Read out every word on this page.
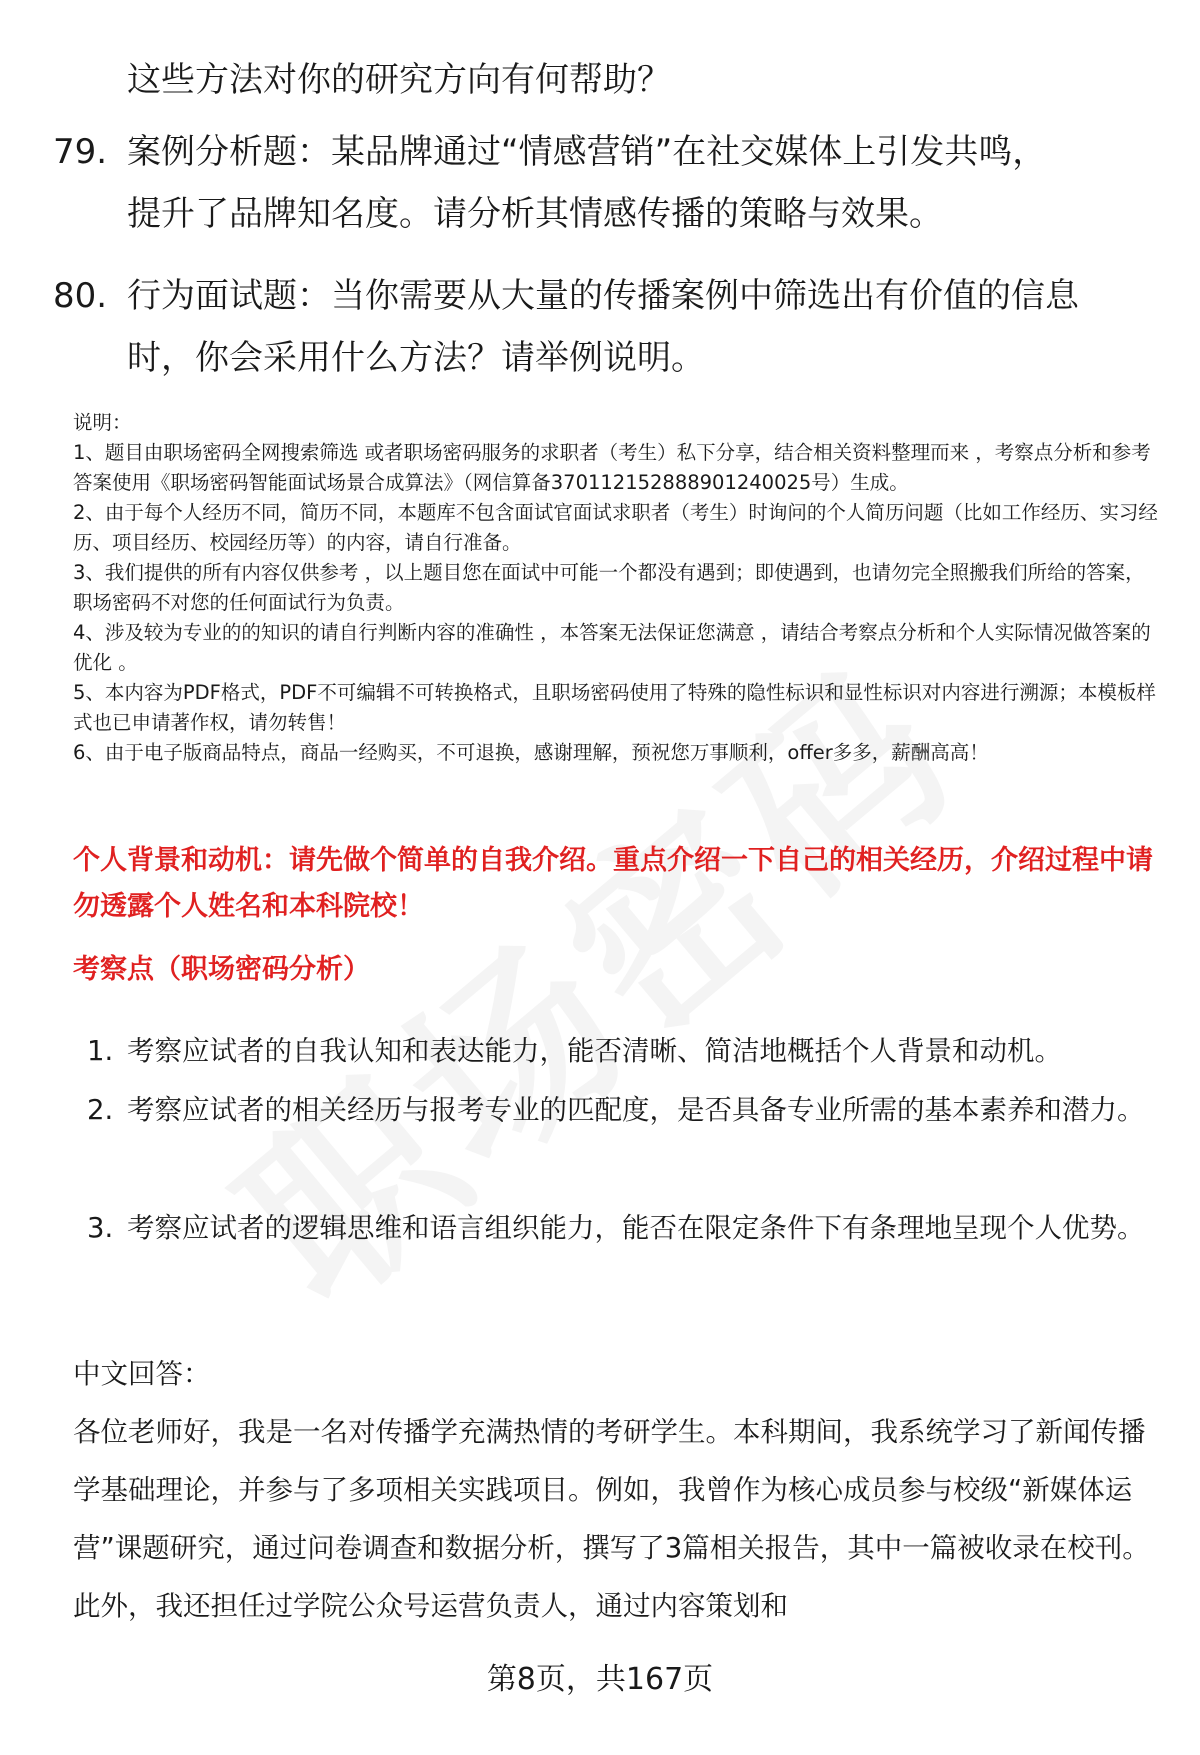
这些方法对你的研究方向有何帮助？
79. 案例分析题：某品牌通过“情感营销”在社交媒体上引发共鸣，
提升了品牌知名度。请分析其情感传播的策略与效果。
80. 行为面试题：当你需要从大量的传播案例中筛选出有价值的信息
时，你会采用什么方法？请举例说明。

说明：

1、题目由职场密码全网搜索筛选 或者职场密码服务的求职者（考生）私下分享，结合相关资料整理而来 ，考察点分析和参考答案使用《职场密码智能面试场景合成算法》（网信算备370112152888901240025号）生成。

2、由于每个人经历不同，简历不同，本题库不包含面试官面试求职者（考生）时询问的个人简历问题（比如工作经历、实习经历、项目经历、校园经历等）的内容，请自行准备。

3、我们提供的所有内容仅供参考 ，以上题目您在面试中可能一个都没有遇到；即使遇到，也请勿完全照搬我们所给的答案，职场密码不对您的任何面试行为负责。

4、涉及较为专业的的知识的请自行判断内容的准确性 ，本答案无法保证您满意 ，请结合考察点分析和个人实际情况做答案的优化 。

5、本内容为PDF格式，PDF不可编辑不可转换格式，且职场密码使用了特殊的隐性标识和显性标识对内容进行溯源；本模板样式也已申请著作权，请勿转售！

6、由于电子版商品特点，商品一经购买，不可退换，感谢理解，预祝您万事顺利，offer多多，薪酬高高！

个人背景和动机：请先做个简单的自我介绍。重点介绍一下自己的相关经历，介绍过程中请勿透露个人姓名和本科院校！
考察点（职场密码分析）
1. 考察应试者的自我认知和表达能力，能否清晰、简洁地概括个人背景和动机。
2. 考察应试者的相关经历与报考专业的匹配度，是否具备专业所需的基本素养和潜力。
3. 考察应试者的逻辑思维和语言组织能力，能否在限定条件下有条理地呈现个人优势。
中文回答：
各位老师好，我是一名对传播学充满热情的考研学生。本科期间，我系统学习了新闻传播学基础理论，并参与了多项相关实践项目。例如，我曾作为核心成员参与校级“新媒体运营”课题研究，通过问卷调查和数据分析，撰写了3篇相关报告，其中一篇被收录在校刊。此外，我还担任过学院公众号运营负责人，通过内容策划和
第8页，共167页
